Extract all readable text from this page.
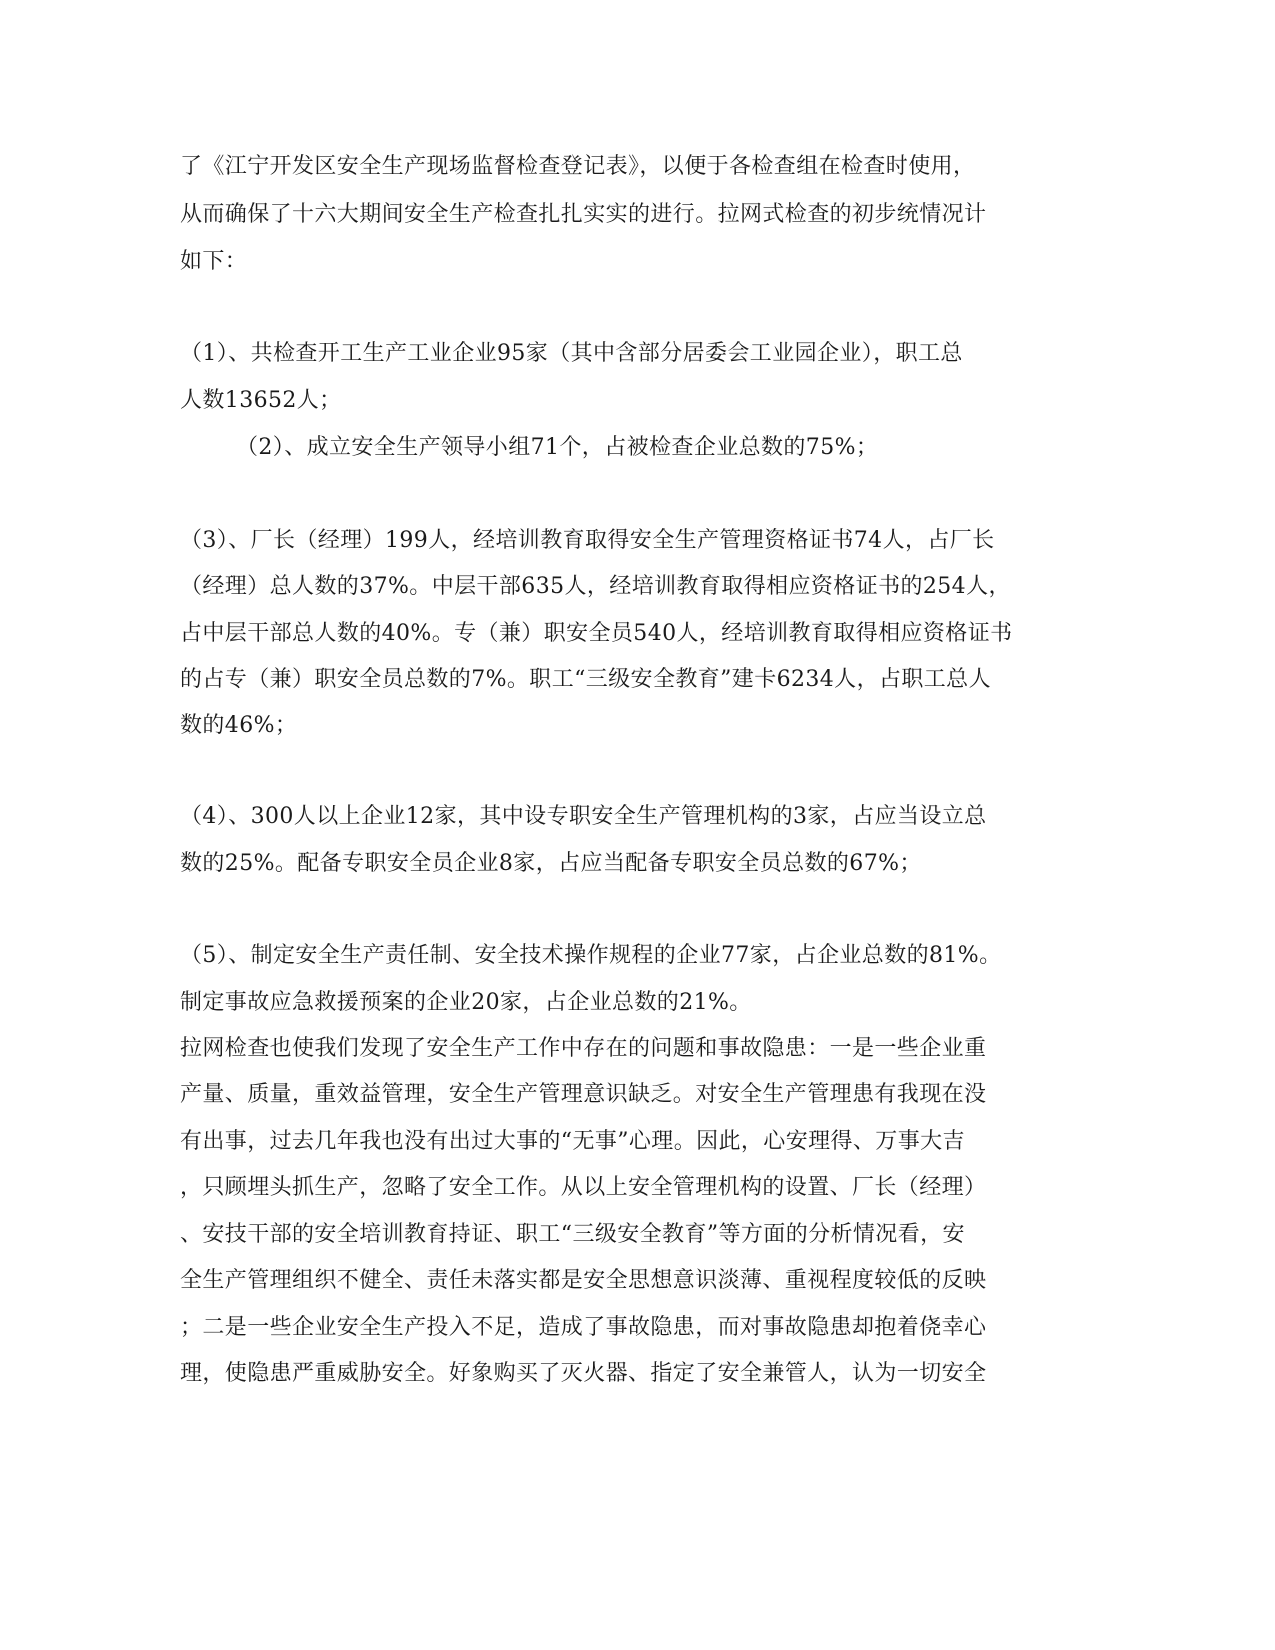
了《江宁开发区安全生产现场监督检查登记表》，以便于各检查组在检查时使用，
从而确保了十六大期间安全生产检查扎扎实实的进行。拉网式检查的初步统情况计
如下：
（1）、共检查开工生产工业企业95家（其中含部分居委会工业园企业），职工总
人数13652人；
（2）、成立安全生产领导小组71个，占被检查企业总数的75%；
（3）、厂长（经理）199人，经培训教育取得安全生产管理资格证书74人，占厂长
（经理）总人数的37%。中层干部635人，经培训教育取得相应资格证书的254人，
占中层干部总人数的40%。专（兼）职安全员540人，经培训教育取得相应资格证书
的占专（兼）职安全员总数的7%。职工“三级安全教育”建卡6234人，占职工总人
数的46%；
（4）、300人以上企业12家，其中设专职安全生产管理机构的3家，占应当设立总
数的25%。配备专职安全员企业8家，占应当配备专职安全员总数的67%；
（5）、制定安全生产责任制、安全技术操作规程的企业77家，占企业总数的81%。
制定事故应急救援预案的企业20家，占企业总数的21%。
拉网检查也使我们发现了安全生产工作中存在的问题和事故隐患：一是一些企业重
产量、质量，重效益管理，安全生产管理意识缺乏。对安全生产管理患有我现在没
有出事，过去几年我也没有出过大事的“无事”心理。因此，心安理得、万事大吉
，只顾埋头抓生产，忽略了安全工作。从以上安全管理机构的设置、厂长（经理）
、安技干部的安全培训教育持证、职工“三级安全教育”等方面的分析情况看，安
全生产管理组织不健全、责任未落实都是安全思想意识淡薄、重视程度较低的反映
；二是一些企业安全生产投入不足，造成了事故隐患，而对事故隐患却抱着侥幸心
理，使隐患严重威胁安全。好象购买了灭火器、指定了安全兼管人，认为一切安全
